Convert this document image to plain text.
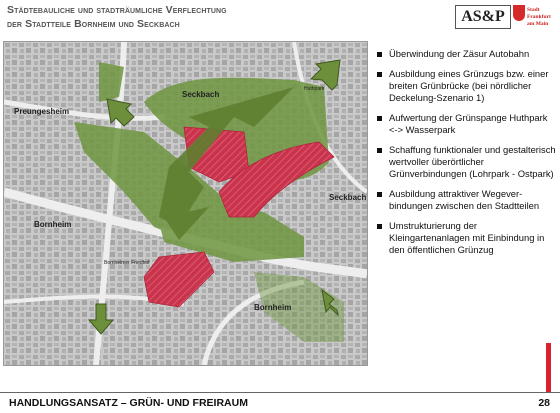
Städtebauliche und stadträumliche Verflechtung
der Stadtteile Bornheim und Seckbach	AS&P	Stadt
Frankfurt
am Main
Preungesheim
Seckbach
Seckbach
Bornheim
Bornheim
Bornheimer Friedhof
Huthpark
Überwindung der Zäsur Autobahn
Ausbildung eines Grünzugs bzw. einer breiten Grünbrücke (bei nördlicher Deckelung-Szenario 1)
Aufwertung der Grünspange Huthpark <-> Wasserpark
Schaffung funktionaler und gestalterisch wertvoller überörtlicher Grünverbindungen (Lohrpark - Ostpark)
Ausbildung attraktiver Wegever-bindungen zwischen den Stadtteilen
Umstrukturierung der Kleingartenanlagen mit Einbindung in den öffentlichen Grünzug
HANDLUNGSANSATZ – GRÜN- UND FREIRAUM	28
